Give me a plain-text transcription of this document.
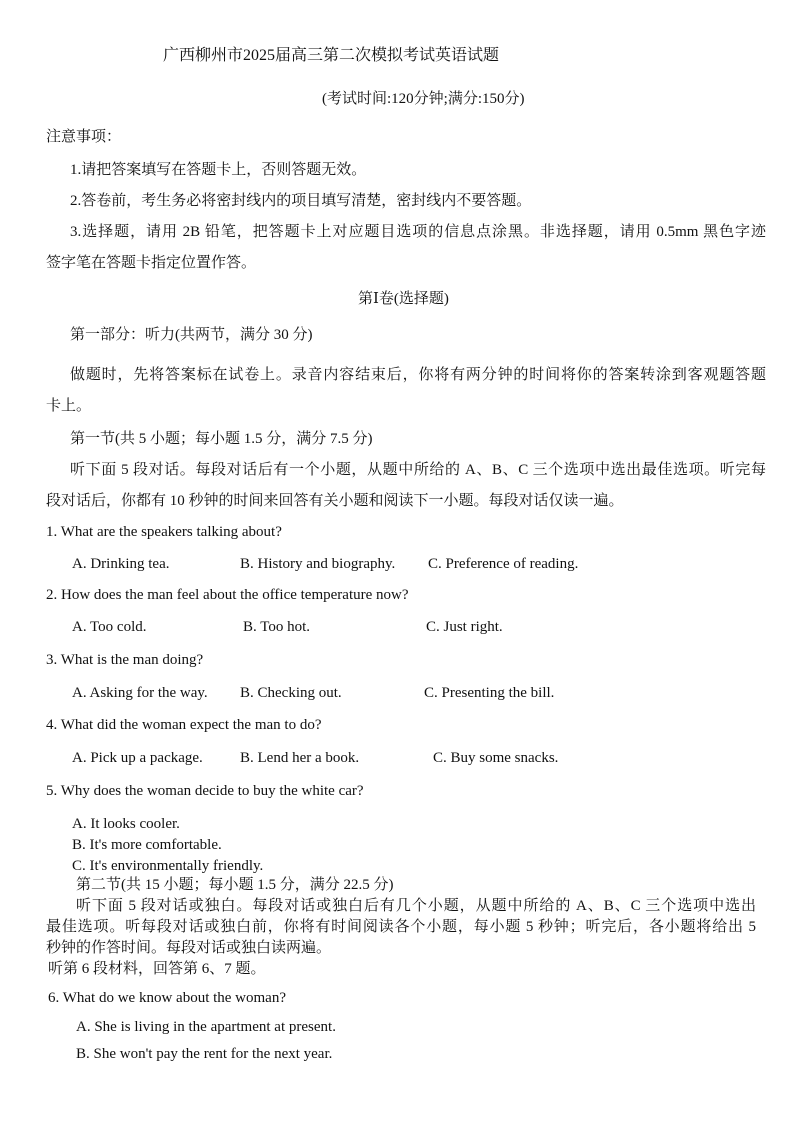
广西柳州市2025届高三第二次模拟考试英语试题
(考试时间:120分钟;满分:150分)
注意事项：
1.请把答案填写在答题卡上，否则答题无效。
2.答卷前，考生务必将密封线内的项目填写清楚，密封线内不要答题。
3.选择题，请用 2B 铅笔，把答题卡上对应题目选项的信息点涂黑。非选择题，请用 0.5mm 黑色字迹
签字笔在答题卡指定位置作答。
第Ⅰ卷(选择题)
第一部分：听力(共两节，满分 30 分)
做题时，先将答案标在试卷上。录音内容结束后，你将有两分钟的时间将你的答案转涂到客观题答题
卡上。
第一节(共 5 小题；每小题 1.5 分，满分 7.5 分)
听下面 5 段对话。每段对话后有一个小题，从题中所给的 A、B、C 三个选项中选出最佳选项。听完每
段对话后，你都有 10 秒钟的时间来回答有关小题和阅读下一小题。每段对话仅读一遍。
1. What are the speakers talking about?
A. Drinking tea.	B. History and biography. C. Preference of reading.
2. How does the man feel about the office temperature now?
A. Too cold.	B. Too hot.	C. Just right.
3. What is the man doing?
A. Asking for the way. B. Checking out.	C. Presenting the bill.
4. What did the woman expect the man to do?
A. Pick up a package. B. Lend her a book.	C. Buy some snacks.
5. Why does the woman decide to buy the white car?
A. It looks cooler.
B. It's more comfortable.
C. It's environmentally friendly.
第二节(共 15 小题；每小题 1.5 分，满分 22.5 分)
听下面 5 段对话或独白。每段对话或独白后有几个小题，从题中所给的 A、B、C 三个选项中选出
最佳选项。听每段对话或独白前，你将有时间阅读各个小题，每小题 5 秒钟；听完后，各小题将给出 5
秒钟的作答时间。每段对话或独白读两遍。
听第 6 段材料，回答第 6、7 题。
6. What do we know about the woman?
A. She is living in the apartment at present.
B. She won't pay the rent for the next year.
